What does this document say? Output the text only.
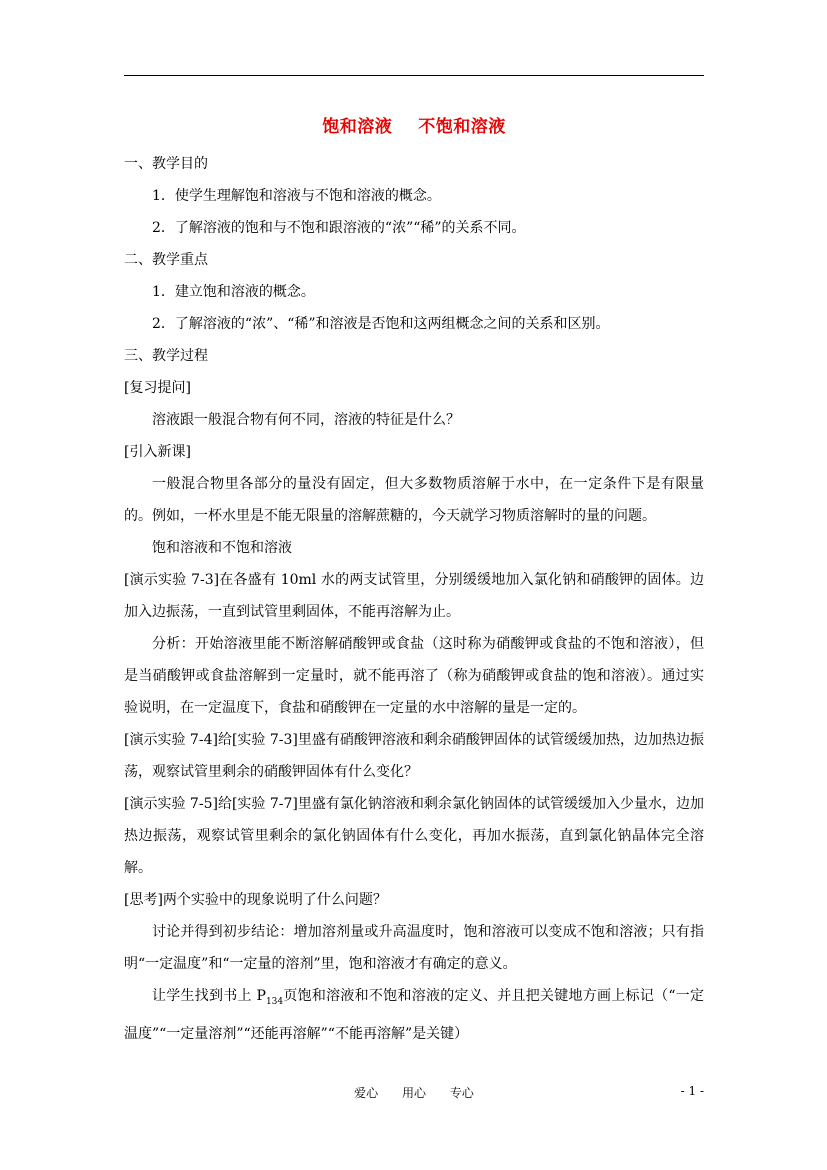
饱和溶液 不饱和溶液

一、教学目的

1．使学生理解饱和溶液与不饱和溶液的概念。

2．了解溶液的饱和与不饱和跟溶液的“浓”“稀”的关系不同。

二、教学重点

1．建立饱和溶液的概念。

2．了解溶液的“浓”、“稀”和溶液是否饱和这两组概念之间的关系和区别。

三、教学过程

[复习提问]

溶液跟一般混合物有何不同，溶液的特征是什么？

[引入新课]

一般混合物里各部分的量没有固定，但大多数物质溶解于水中，在一定条件下是有限量的。例如，一杯水里是不能无限量的溶解蔗糖的，今天就学习物质溶解时的量的问题。

饱和溶液和不饱和溶液

[演示实验 7-3]在各盛有 10ml 水的两支试管里，分别缓缓地加入氯化钠和硝酸钾的固体。边加入边振荡，一直到试管里剩固体，不能再溶解为止。

分析：开始溶液里能不断溶解硝酸钾或食盐（这时称为硝酸钾或食盐的不饱和溶液），但是当硝酸钾或食盐溶解到一定量时，就不能再溶了（称为硝酸钾或食盐的饱和溶液）。通过实验说明，在一定温度下，食盐和硝酸钾在一定量的水中溶解的量是一定的。

[演示实验 7-4]给[实验 7-3]里盛有硝酸钾溶液和剩余硝酸钾固体的试管缓缓加热，边加热边振荡，观察试管里剩余的硝酸钾固体有什么变化？

[演示实验 7-5]给[实验 7-7]里盛有氯化钠溶液和剩余氯化钠固体的试管缓缓加入少量水，边加热边振荡，观察试管里剩余的氯化钠固体有什么变化，再加水振荡，直到氯化钠晶体完全溶解。

[思考]两个实验中的现象说明了什么问题？

讨论并得到初步结论：增加溶剂量或升高温度时，饱和溶液可以变成不饱和溶液；只有指明“一定温度”和“一定量的溶剂”里，饱和溶液才有确定的意义。

让学生找到书上 $P_{134}$页饱和溶液和不饱和溶液的定义、并且把关键地方画上标记（“一定温度”“一定量溶剂”“还能再溶解”“不能再溶解”是关键）

爱心 用心 专心	- 1 -
